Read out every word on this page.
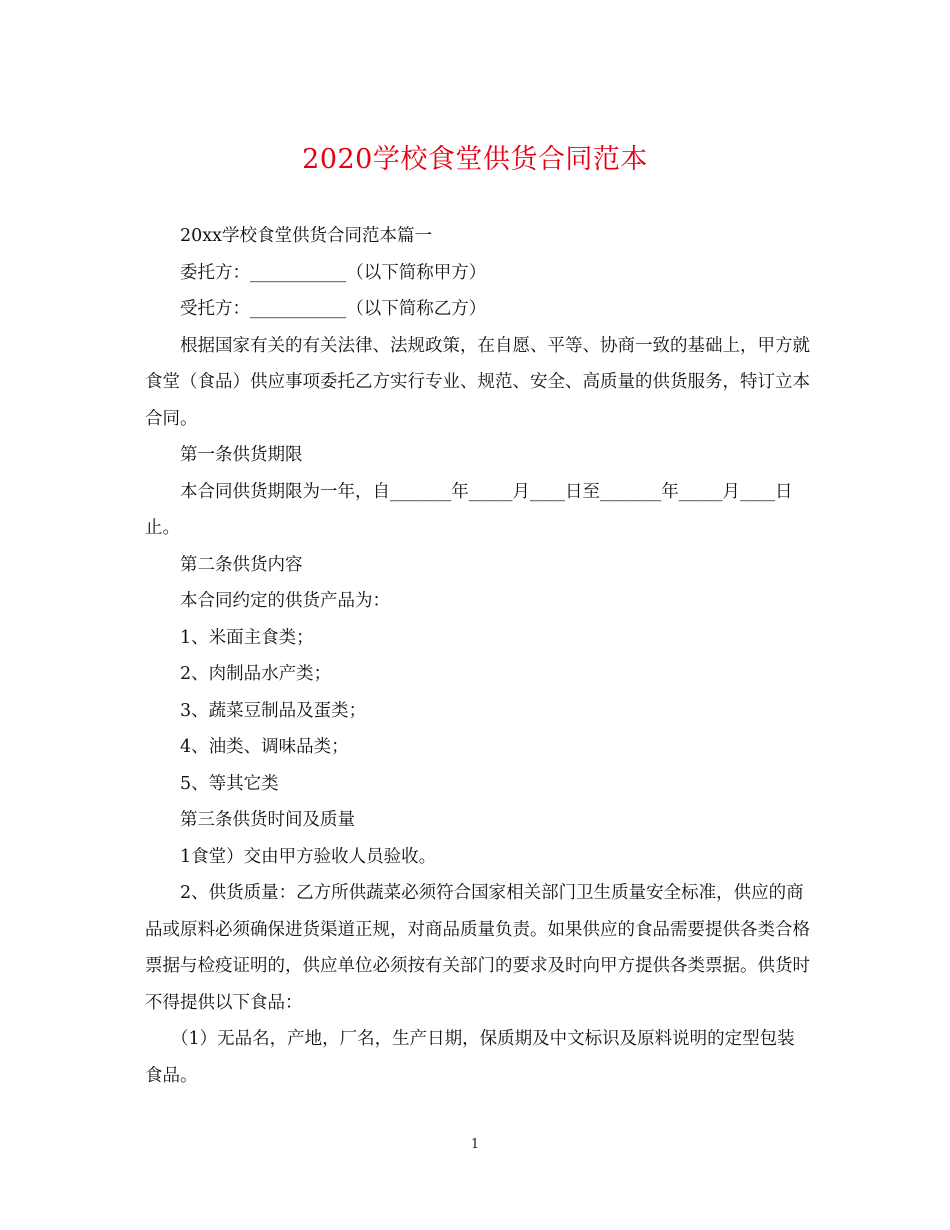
2020学校食堂供货合同范本

20xx学校食堂供货合同范本篇一

委托方：___________（以下简称甲方）

受托方：___________（以下简称乙方）

根据国家有关的有关法律、法规政策，在自愿、平等、协商一致的基础上，甲方就食堂（食品）供应事项委托乙方实行专业、规范、安全、高质量的供货服务，特订立本合同。

第一条供货期限

本合同供货期限为一年，自_______年_____月____日至_______年_____月____日止。

第二条供货内容

本合同约定的供货产品为：

1、米面主食类；

2、肉制品水产类；

3、蔬菜豆制品及蛋类；

4、油类、调味品类；

5、等其它类

第三条供货时间及质量

1食堂）交由甲方验收人员验收。

2、供货质量：乙方所供蔬菜必须符合国家相关部门卫生质量安全标准，供应的商品或原料必须确保进货渠道正规，对商品质量负责。如果供应的食品需要提供各类合格票据与检疫证明的，供应单位必须按有关部门的要求及时向甲方提供各类票据。供货时不得提供以下食品：

（1）无品名，产地，厂名，生产日期，保质期及中文标识及原料说明的定型包装食品。

1
